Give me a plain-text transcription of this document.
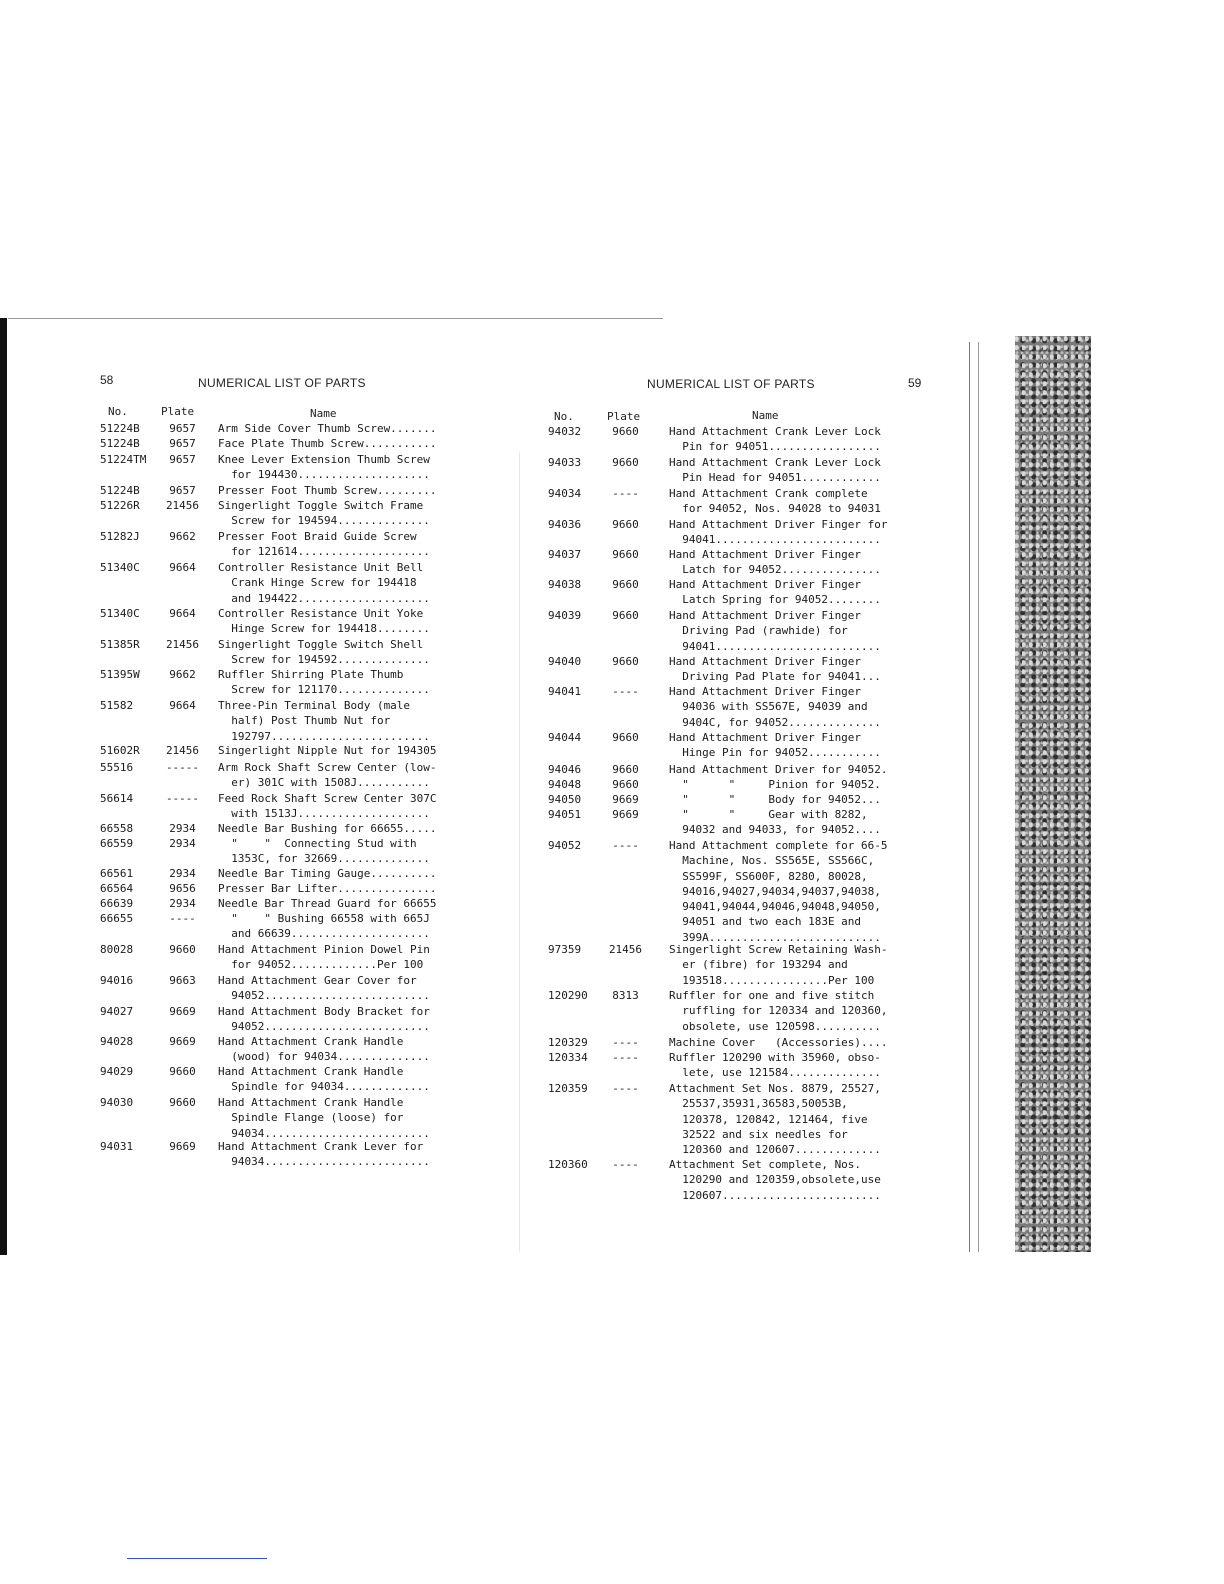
58	NUMERICAL LIST OF PARTS
No.	Plate	Name
51224B	9657	Arm Side Cover Thumb Screw.......
51224B	9657	Face Plate Thumb Screw...........
51224TM	9657	Knee Lever Extension Thumb Screw
for 194430....................
51224B	9657	Presser Foot Thumb Screw.........
51226R	21456	Singerlight Toggle Switch Frame
Screw for 194594..............
51282J	9662	Presser Foot Braid Guide Screw
for 121614....................
51340C	9664	Controller Resistance Unit Bell
Crank Hinge Screw for 194418
and 194422....................
51340C	9664	Controller Resistance Unit Yoke
Hinge Screw for 194418........
51385R	21456	Singerlight Toggle Switch Shell
Screw for 194592..............
51395W	9662	Ruffler Shirring Plate Thumb
Screw for 121170..............
51582	9664	Three-Pin Terminal Body (male
half) Post Thumb Nut for
192797........................
51602R	21456	Singerlight Nipple Nut for 194305
55516	-----	Arm Rock Shaft Screw Center (low-
er) 301C with 1508J...........
56614	-----	Feed Rock Shaft Screw Center 307C
with 1513J....................
66558	2934	Needle Bar Bushing for 66655.....
66559	2934	"    "  Connecting Stud with
1353C, for 32669..............
66561	2934	Needle Bar Timing Gauge..........
66564	9656	Presser Bar Lifter...............
66639	2934	Needle Bar Thread Guard for 66655
66655	----	"    " Bushing 66558 with 665J
and 66639.....................
80028	9660	Hand Attachment Pinion Dowel Pin
for 94052.............Per 100
94016	9663	Hand Attachment Gear Cover for
94052.........................
94027	9669	Hand Attachment Body Bracket for
94052.........................
94028	9669	Hand Attachment Crank Handle
(wood) for 94034..............
94029	9660	Hand Attachment Crank Handle
Spindle for 94034.............
94030	9660	Hand Attachment Crank Handle
Spindle Flange (loose) for
94034.........................
94031	9669	Hand Attachment Crank Lever for
94034.........................
NUMERICAL LIST OF PARTS	59
No.	Plate	Name
94032	9660	Hand Attachment Crank Lever Lock
Pin for 94051.................
94033	9660	Hand Attachment Crank Lever Lock
Pin Head for 94051............
94034	----	Hand Attachment Crank complete
for 94052, Nos. 94028 to 94031
94036	9660	Hand Attachment Driver Finger for
94041.........................
94037	9660	Hand Attachment Driver Finger
Latch for 94052...............
94038	9660	Hand Attachment Driver Finger
Latch Spring for 94052........
94039	9660	Hand Attachment Driver Finger
Driving Pad (rawhide) for
94041.........................
94040	9660	Hand Attachment Driver Finger
Driving Pad Plate for 94041...
94041	----	Hand Attachment Driver Finger
94036 with SS567E, 94039 and
9404C, for 94052..............
94044	9660	Hand Attachment Driver Finger
Hinge Pin for 94052...........
94046	9660	Hand Attachment Driver for 94052.
94048	9660	"      "     Pinion for 94052.
94050	9669	"      "     Body for 94052...
94051	9669	"      "     Gear with 8282,
94032 and 94033, for 94052....
94052	----	Hand Attachment complete for 66-5
Machine, Nos. SS565E, SS566C,
SS599F, SS600F, 8280, 80028,
94016,94027,94034,94037,94038,
94041,94044,94046,94048,94050,
94051 and two each 183E and
399A..........................
97359	21456	Singerlight Screw Retaining Wash-
er (fibre) for 193294 and
193518................Per 100
120290	8313	Ruffler for one and five stitch
ruffling for 120334 and 120360,
obsolete, use 120598..........
120329	----	Machine Cover   (Accessories)....
120334	----	Ruffler 120290 with 35960, obso-
lete, use 121584..............
120359	----	Attachment Set Nos. 8879, 25527,
25537,35931,36583,50053B,
120378, 120842, 121464, five
32522 and six needles for
120360 and 120607.............
120360	----	Attachment Set complete, Nos.
120290 and 120359,obsolete,use
120607........................
